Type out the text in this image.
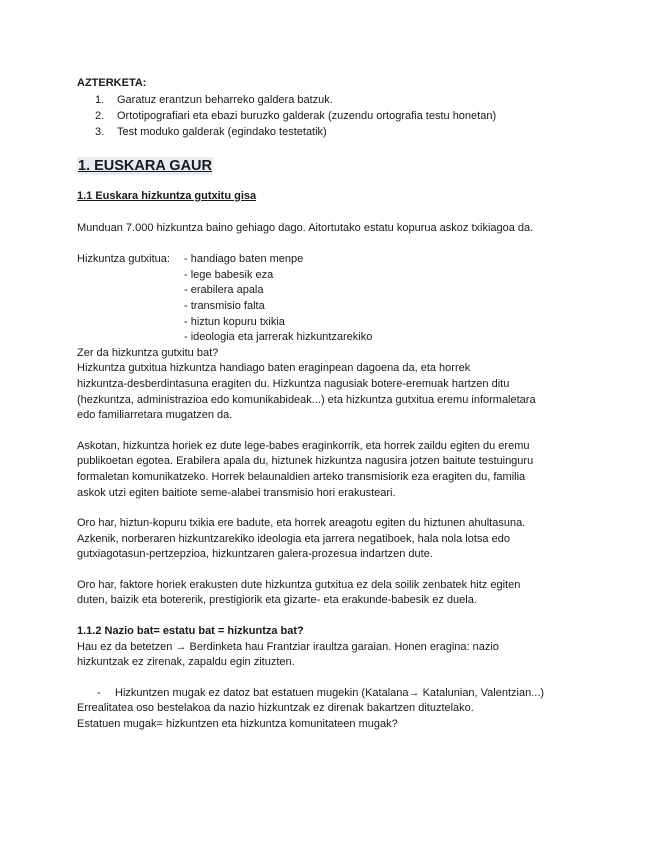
AZTERKETA:
1.	Garatuz erantzun beharreko galdera batzuk.
2.	Ortotipografiari eta ebazi buruzko galderak (zuzendu ortografia testu honetan)
3.	Test moduko galderak (egindako testetatik)
1. EUSKARA GAUR
1.1 Euskara hizkuntza gutxitu gisa
Munduan 7.000 hizkuntza baino gehiago dago. Aitortutako estatu kopurua askoz txikiagoa da.
Hizkuntza gutxitua:	- handiago baten menpe
- lege babesik eza
- erabilera apala
- transmisio falta
- hiztun kopuru txikia
- ideologia eta jarrerak hizkuntzarekiko
Zer da hizkuntza gutxitu bat?
Hizkuntza gutxitua hizkuntza handiago baten eraginpean dagoena da, eta horrek
hizkuntza-desberdintasuna eragiten du. Hizkuntza nagusiak botere-eremuak hartzen ditu
(hezkuntza, administrazioa edo komunikabideak...) eta hizkuntza gutxitua eremu informaletara
edo familiarretara mugatzen da.
Askotan, hizkuntza horiek ez dute lege-babes eraginkorrik, eta horrek zaildu egiten du eremu
publikoetan egotea. Erabilera apala du, hiztunek hizkuntza nagusira jotzen baitute testuinguru
formaletan komunikatzeko. Horrek belaunaldien arteko transmisiorik eza eragiten du, familia
askok utzi egiten baitiote seme-alabei transmisio hori erakusteari.
Oro har, hiztun-kopuru txikia ere badute, eta horrek areagotu egiten du hiztunen ahultasuna.
Azkenik, norberaren hizkuntzarekiko ideologia eta jarrera negatiboek, hala nola lotsa edo
gutxiagotasun-pertzepzioa, hizkuntzaren galera-prozesua indartzen dute.
Oro har, faktore horiek erakusten dute hizkuntza gutxitua ez dela soilik zenbatek hitz egiten
duten, baizik eta botererik, prestigiorik eta gizarte- eta erakunde-babesik ez duela.
1.1.2 Nazio bat= estatu bat = hizkuntza bat?
Hau ez da betetzen → Berdinketa hau Frantziar iraultza garaian. Honen eragina: nazio
hizkuntzak ez zirenak, zapaldu egin zituzten.
-	Hizkuntzen mugak ez datoz bat estatuen mugekin (Katalana→ Katalunian, Valentzian...)
Errealitatea oso bestelakoa da nazio hizkuntzak ez direnak bakartzen dituztelako.
Estatuen mugak= hizkuntzen eta hizkuntza komunitateen mugak?
